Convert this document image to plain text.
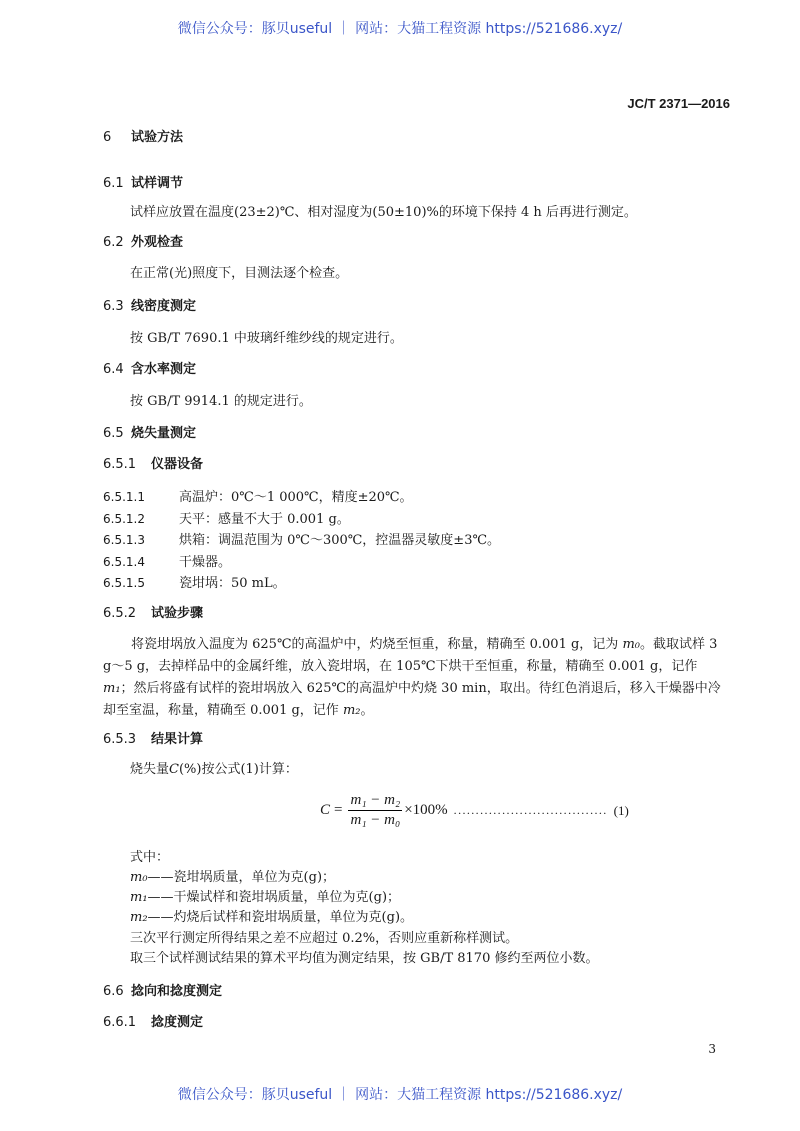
微信公众号：豚贝useful ｜ 网站：大猫工程资源 https://521686.xyz/
JC/T 2371—2016
6 试验方法
6.1 试样调节
试样应放置在温度(23±2)℃、相对湿度为(50±10)%的环境下保持 4 h 后再进行测定。
6.2 外观检查
在正常(光)照度下，目测法逐个检查。
6.3 线密度测定
按 GB/T 7690.1 中玻璃纤维纱线的规定进行。
6.4 含水率测定
按 GB/T 9914.1 的规定进行。
6.5 烧失量测定
6.5.1 仪器设备
6.5.1.1	高温炉：0℃～1 000℃，精度±20℃。
6.5.1.2	天平：感量不大于 0.001 g。
6.5.1.3	烘箱：调温范围为 0℃～300℃，控温器灵敏度±3℃。
6.5.1.4	干燥器。
6.5.1.5	瓷坩埚：50 mL。
6.5.2 试验步骤
将瓷坩埚放入温度为 625℃的高温炉中，灼烧至恒重，称量，精确至 0.001 g，记为 m₀。截取试样 3 g～5 g，去掉样品中的金属纤维，放入瓷坩埚，在 105℃下烘干至恒重，称量，精确至 0.001 g，记作 m₁；然后将盛有试样的瓷坩埚放入 625℃的高温炉中灼烧 30 min，取出。待红色消退后，移入干燥器中冷却至室温，称量，精确至 0.001 g，记作 m₂。
6.5.3 结果计算
烧失量C(%)按公式(1)计算：
$C = \frac{\text{m₁ − m₂}}{\text{m₁ − m₀}} \times 100\%$ ................................... (1)
式中：
m₀——瓷坩埚质量，单位为克(g)；
m₁——干燥试样和瓷坩埚质量，单位为克(g)；
m₂——灼烧后试样和瓷坩埚质量，单位为克(g)。
三次平行测定所得结果之差不应超过 0.2%，否则应重新称样测试。
取三个试样测试结果的算术平均值为测定结果，按 GB/T 8170 修约至两位小数。
6.6 捻向和捻度测定
6.6.1 捻度测定
3
微信公众号：豚贝useful ｜ 网站：大猫工程资源 https://521686.xyz/
